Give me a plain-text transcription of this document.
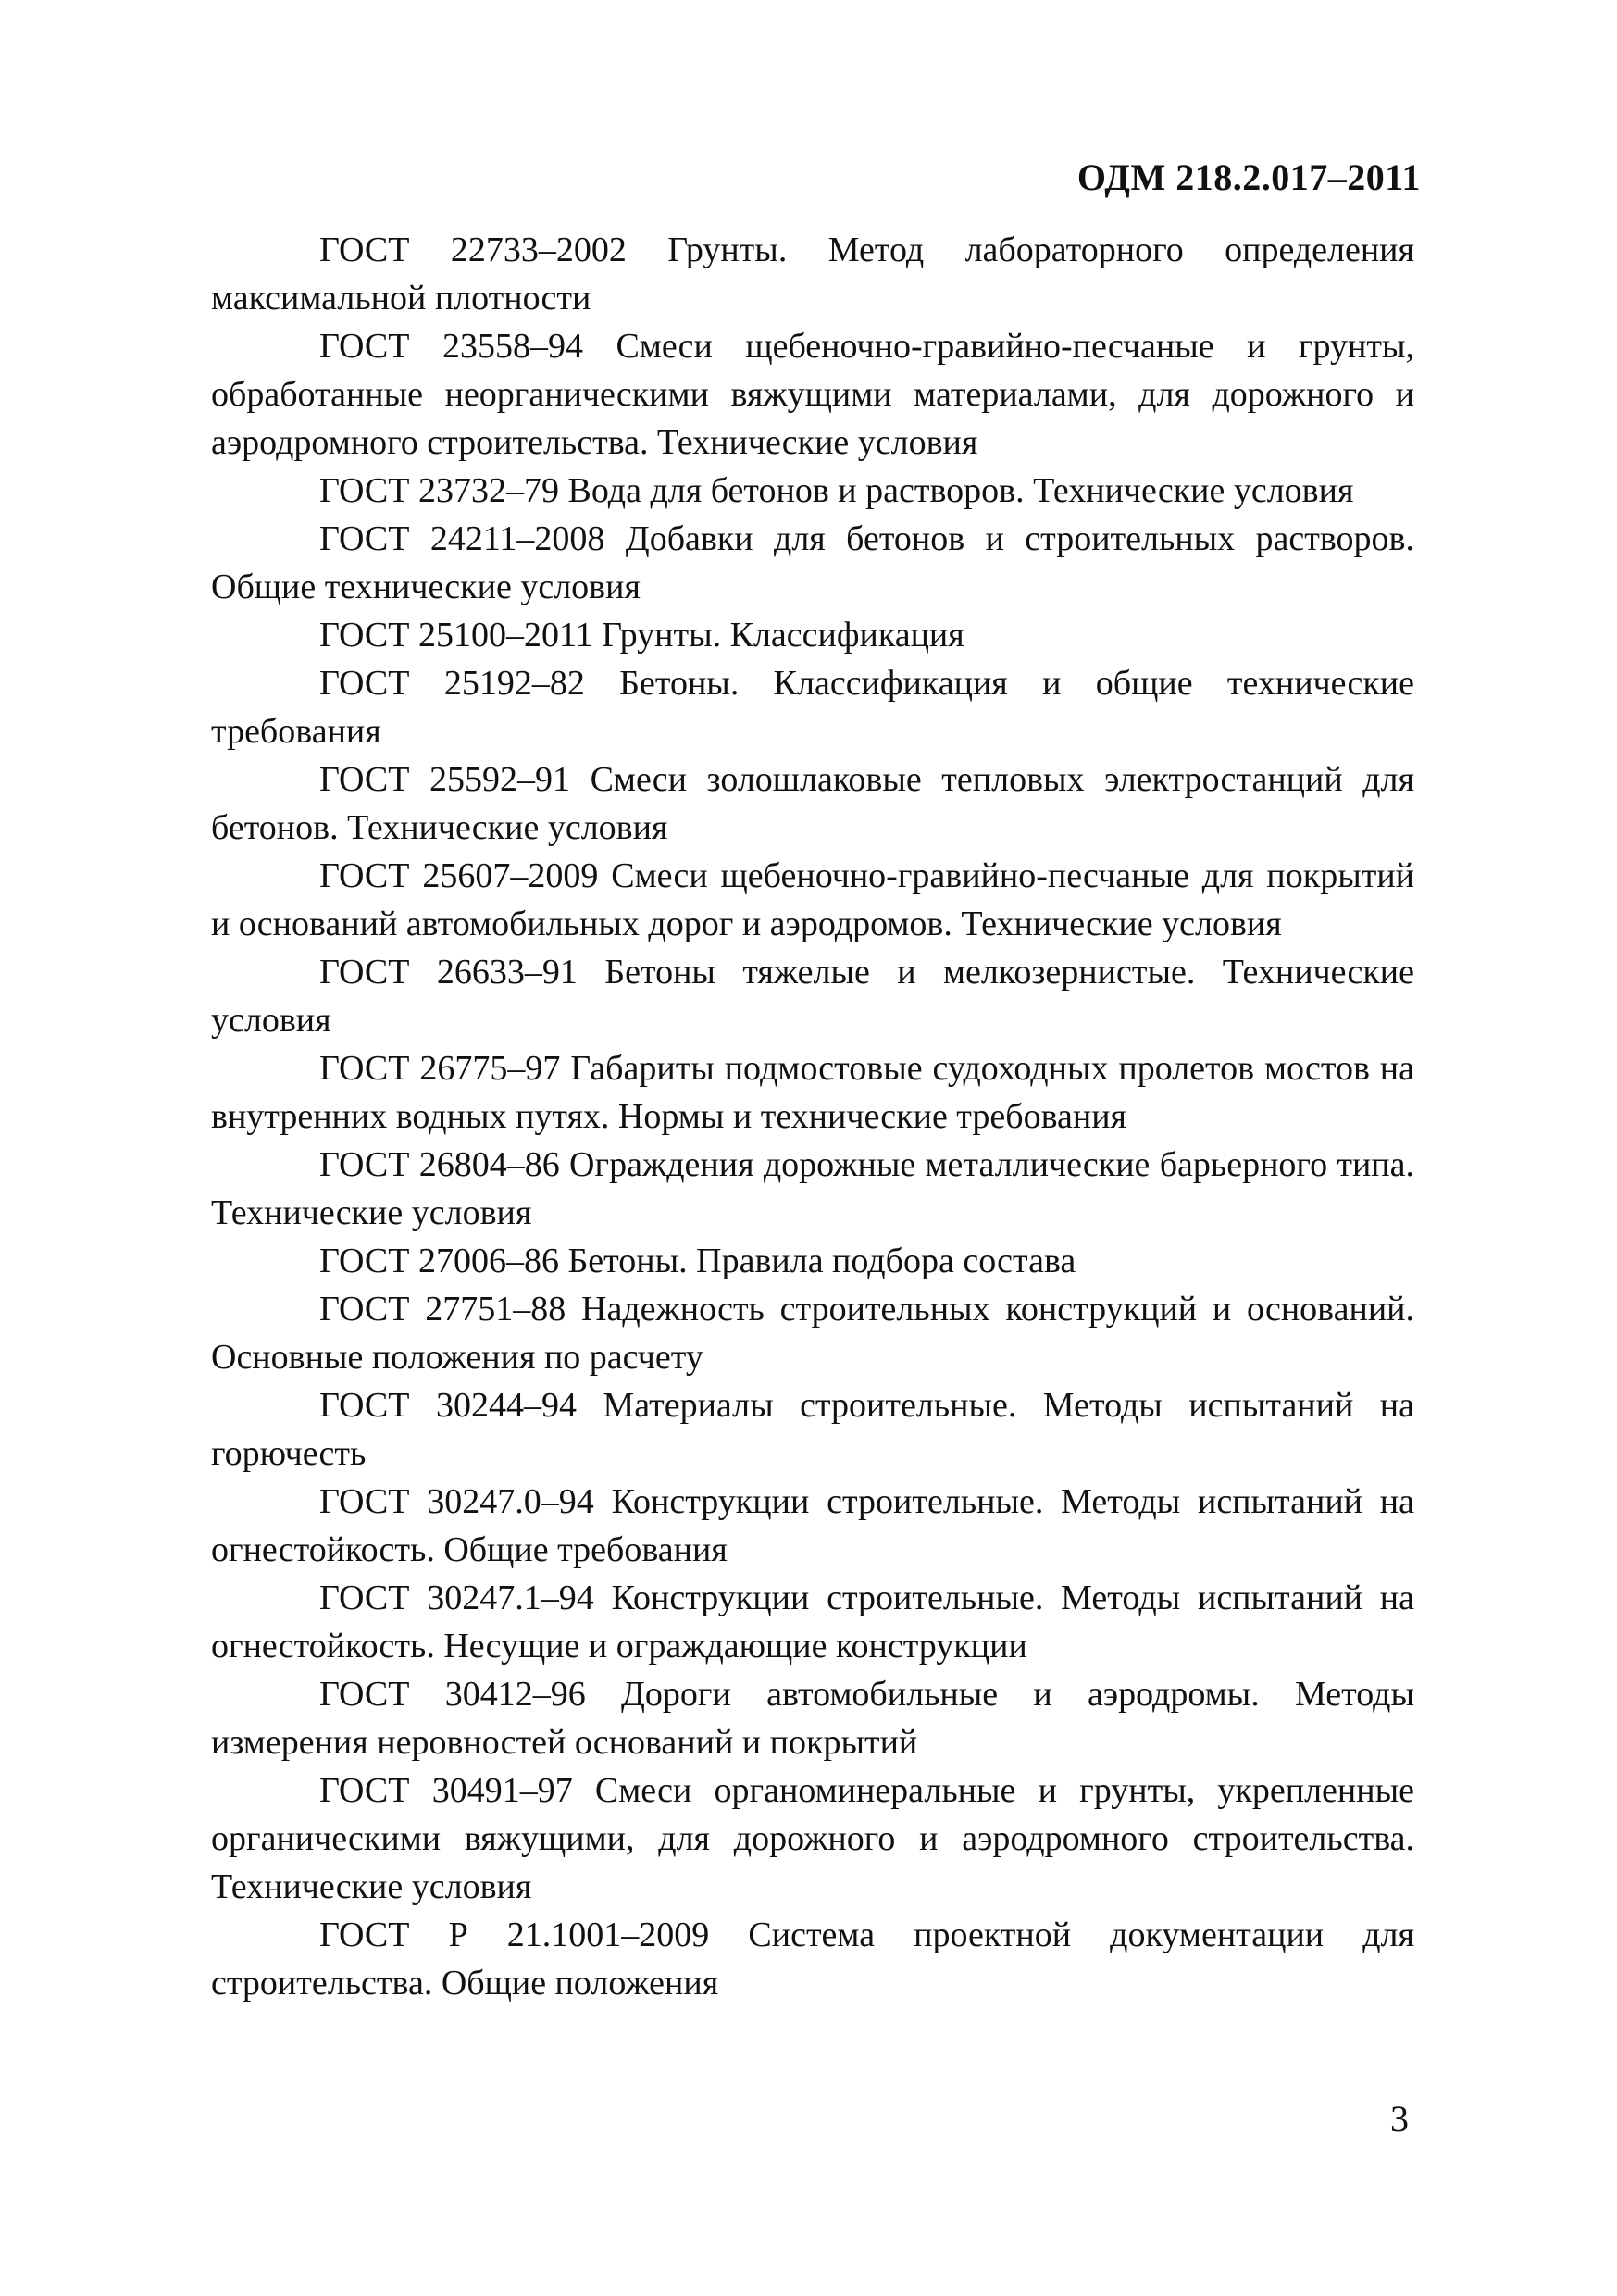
ОДМ 218.2.017–2011
ГОСТ 22733–2002 Грунты. Метод лабораторного определения максимальной плотности
ГОСТ 23558–94 Смеси щебеночно-гравийно-песчаные и грунты, обработанные неорганическими вяжущими материалами, для дорожного и аэродромного строительства. Технические условия
ГОСТ 23732–79 Вода для бетонов и растворов. Технические условия
ГОСТ 24211–2008 Добавки для бетонов и строительных растворов. Общие технические условия
ГОСТ 25100–2011 Грунты. Классификация
ГОСТ 25192–82 Бетоны. Классификация и общие технические требования
ГОСТ 25592–91 Смеси золошлаковые тепловых электростанций для бетонов. Технические условия
ГОСТ 25607–2009 Смеси щебеночно-гравийно-песчаные для покрытий и оснований автомобильных дорог и аэродромов. Технические условия
ГОСТ 26633–91 Бетоны тяжелые и мелкозернистые. Технические условия
ГОСТ 26775–97 Габариты подмостовые судоходных пролетов мостов на внутренних водных путях. Нормы и технические требования
ГОСТ 26804–86 Ограждения дорожные металлические барьерного типа. Технические условия
ГОСТ 27006–86 Бетоны. Правила подбора состава
ГОСТ 27751–88 Надежность строительных конструкций и оснований. Основные положения по расчету
ГОСТ 30244–94 Материалы строительные. Методы испытаний на горючесть
ГОСТ 30247.0–94 Конструкции строительные. Методы испытаний на огнестойкость. Общие требования
ГОСТ 30247.1–94 Конструкции строительные. Методы испытаний на огнестойкость. Несущие и ограждающие конструкции
ГОСТ 30412–96 Дороги автомобильные и аэродромы. Методы измерения неровностей оснований и покрытий
ГОСТ 30491–97 Смеси органоминеральные и грунты, укрепленные органическими вяжущими, для дорожного и аэродромного строительства. Технические условия
ГОСТ Р 21.1001–2009 Система проектной документации для строительства. Общие положения
3
